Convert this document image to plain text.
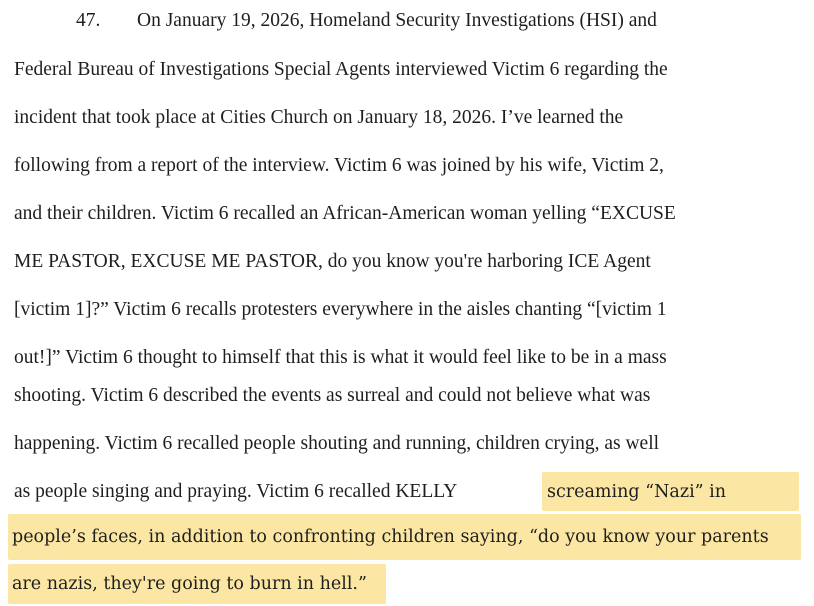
47. On January 19, 2026, Homeland Security Investigations (HSI) and
Federal Bureau of Investigations Special Agents interviewed Victim 6 regarding the
incident that took place at Cities Church on January 18, 2026. I’ve learned the
following from a report of the interview. Victim 6 was joined by his wife, Victim 2,
and their children. Victim 6 recalled an African-American woman yelling “EXCUSE
ME PASTOR, EXCUSE ME PASTOR, do you know you're harboring ICE Agent
[victim 1]?” Victim 6 recalls protesters everywhere in the aisles chanting “[victim 1
out!]” Victim 6 thought to himself that this is what it would feel like to be in a mass
shooting. Victim 6 described the events as surreal and could not believe what was
happening. Victim 6 recalled people shouting and running, children crying, as well
as people singing and praying. Victim 6 recalled KELLY	screaming “Nazi” in
people’s faces, in addition to confronting children saying, “do you know your parents
are nazis, they're going to burn in hell.”
